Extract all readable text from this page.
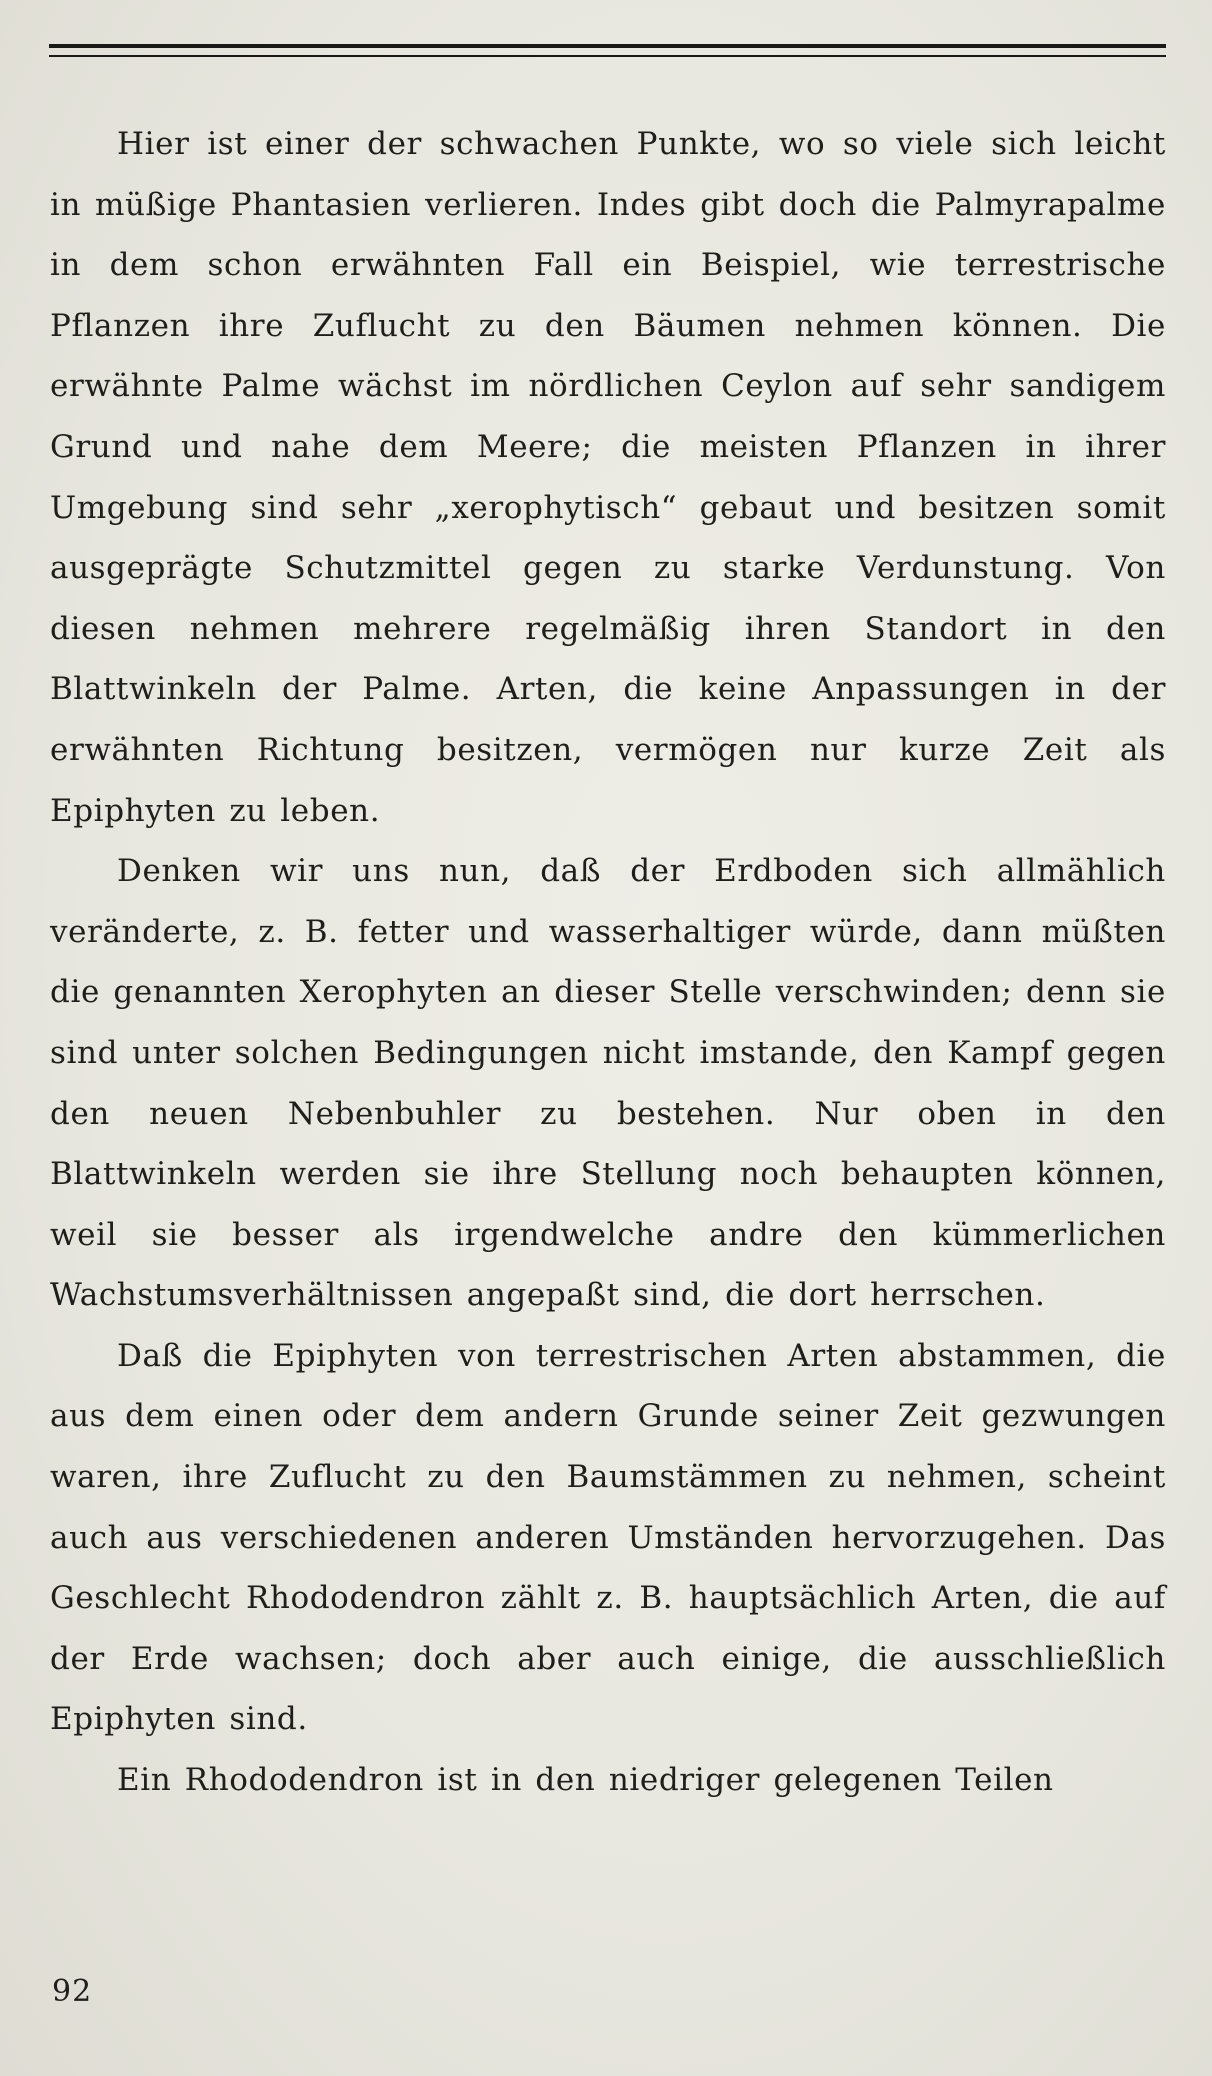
Hier ist einer der schwachen Punkte, wo so viele sich leicht in müßige Phantasien verlieren. Indes gibt doch die Palmyrapalme in dem schon erwähnten Fall ein Beispiel, wie terrestrische Pflanzen ihre Zuflucht zu den Bäumen nehmen können. Die erwähnte Palme wächst im nördlichen Ceylon auf sehr sandigem Grund und nahe dem Meere; die meisten Pflanzen in ihrer Umgebung sind sehr „xerophytisch“ gebaut und besitzen somit ausgeprägte Schutzmittel gegen zu starke Verdunstung. Von diesen nehmen mehrere regelmäßig ihren Standort in den Blattwinkeln der Palme. Arten, die keine Anpassungen in der erwähnten Richtung besitzen, vermögen nur kurze Zeit als Epiphyten zu leben.

Denken wir uns nun, daß der Erdboden sich allmählich veränderte, z. B. fetter und wasserhaltiger würde, dann müßten die genannten Xerophyten an dieser Stelle verschwinden; denn sie sind unter solchen Bedingungen nicht imstande, den Kampf gegen den neuen Nebenbuhler zu bestehen. Nur oben in den Blattwinkeln werden sie ihre Stellung noch behaupten können, weil sie besser als irgendwelche andre den kümmerlichen Wachstumsverhältnissen angepaßt sind, die dort herrschen.

Daß die Epiphyten von terrestrischen Arten abstammen, die aus dem einen oder dem andern Grunde seiner Zeit gezwungen waren, ihre Zuflucht zu den Baumstämmen zu nehmen, scheint auch aus verschiedenen anderen Umständen hervorzugehen. Das Geschlecht Rhododendron zählt z. B. hauptsächlich Arten, die auf der Erde wachsen; doch aber auch einige, die ausschließlich Epiphyten sind.

Ein Rhododendron ist in den niedriger gelegenen Teilen

92
